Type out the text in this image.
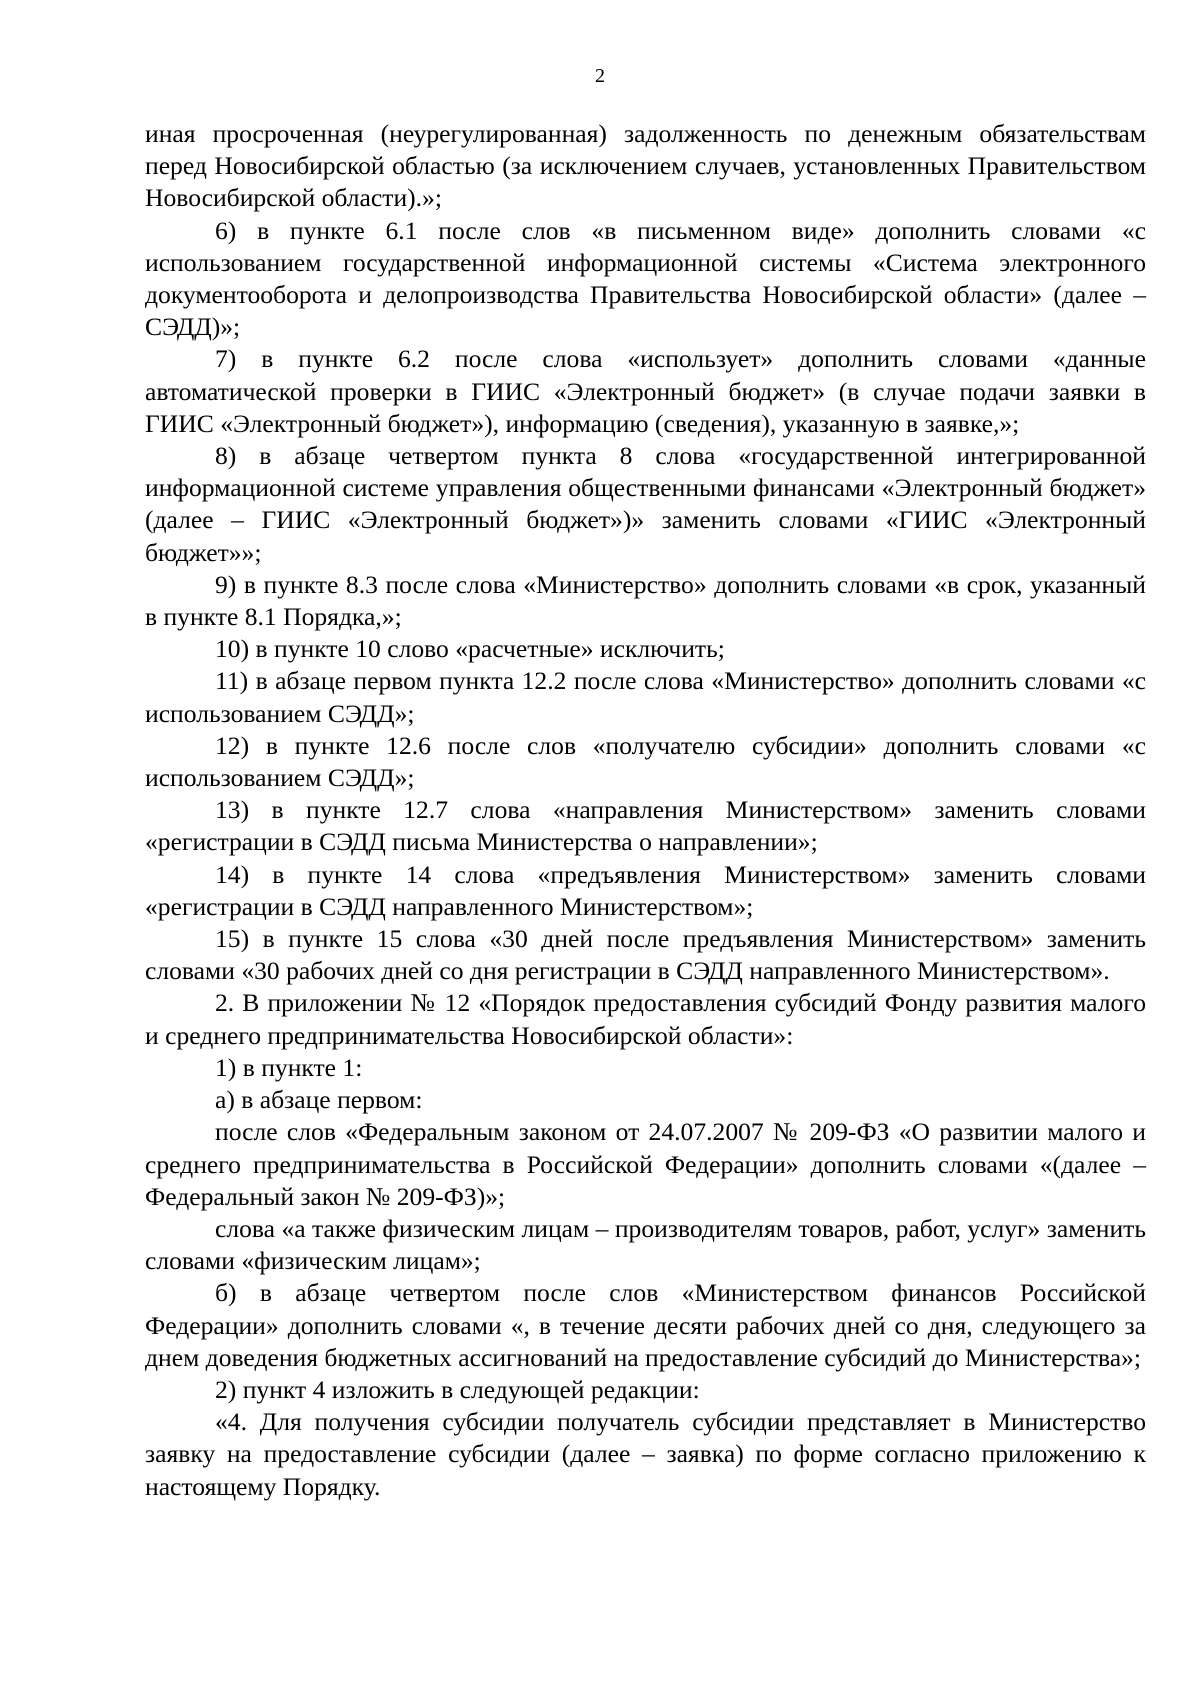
2

иная просроченная (неурегулированная) задолженность по денежным обязательствам перед Новосибирской областью (за исключением случаев, установленных Правительством Новосибирской области).»;

6) в пункте 6.1 после слов «в письменном виде» дополнить словами «с использованием государственной информационной системы «Система электронного документооборота и делопроизводства Правительства Новосибирской области» (далее – СЭДД)»;

7) в пункте 6.2 после слова «использует» дополнить словами «данные автоматической проверки в ГИИС «Электронный бюджет» (в случае подачи заявки в ГИИС «Электронный бюджет»), информацию (сведения), указанную в заявке,»;

8) в абзаце четвертом пункта 8 слова «государственной интегрированной информационной системе управления общественными финансами «Электронный бюджет» (далее – ГИИС «Электронный бюджет»)» заменить словами «ГИИС «Электронный бюджет»»;

9) в пункте 8.3 после слова «Министерство» дополнить словами «в срок, указанный в пункте 8.1 Порядка,»;

10) в пункте 10 слово «расчетные» исключить;

11) в абзаце первом пункта 12.2 после слова «Министерство» дополнить словами «с использованием СЭДД»;

12) в пункте 12.6 после слов «получателю субсидии» дополнить словами «с использованием СЭДД»;

13) в пункте 12.7 слова «направления Министерством» заменить словами «регистрации в СЭДД письма Министерства о направлении»;

14) в пункте 14 слова «предъявления Министерством» заменить словами «регистрации в СЭДД направленного Министерством»;

15) в пункте 15 слова «30 дней после предъявления Министерством» заменить словами «30 рабочих дней со дня регистрации в СЭДД направленного Министерством».

2. В приложении № 12 «Порядок предоставления субсидий Фонду развития малого и среднего предпринимательства Новосибирской области»:

1) в пункте 1:

а) в абзаце первом:

после слов «Федеральным законом от 24.07.2007 № 209-ФЗ «О развитии малого и среднего предпринимательства в Российской Федерации» дополнить словами «(далее – Федеральный закон № 209-ФЗ)»;

слова «а также физическим лицам – производителям товаров, работ, услуг» заменить словами «физическим лицам»;

б) в абзаце четвертом после слов «Министерством финансов Российской Федерации» дополнить словами «, в течение десяти рабочих дней со дня, следующего за днем доведения бюджетных ассигнований на предоставление субсидий до Министерства»;

2) пункт 4 изложить в следующей редакции:

«4. Для получения субсидии получатель субсидии представляет в Министерство заявку на предоставление субсидии (далее – заявка) по форме согласно приложению к настоящему Порядку.
